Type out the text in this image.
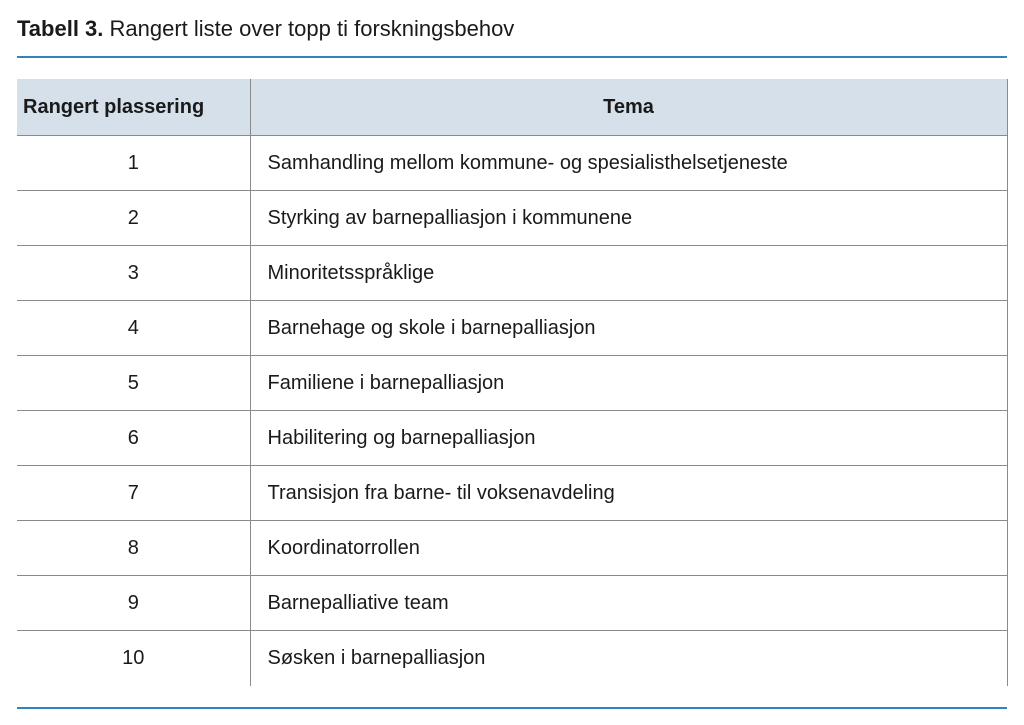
Tabell 3. Rangert liste over topp ti forskningsbehov
Rangert plassering	Tema
1	Samhandling mellom kommune- og spesialisthelsetjeneste
2	Styrking av barnepalliasjon i kommunene
3	Minoritetsspråklige
4	Barnehage og skole i barnepalliasjon
5	Familiene i barnepalliasjon
6	Habilitering og barnepalliasjon
7	Transisjon fra barne- til voksenavdeling
8	Koordinatorrollen
9	Barnepalliative team
10	Søsken i barnepalliasjon
